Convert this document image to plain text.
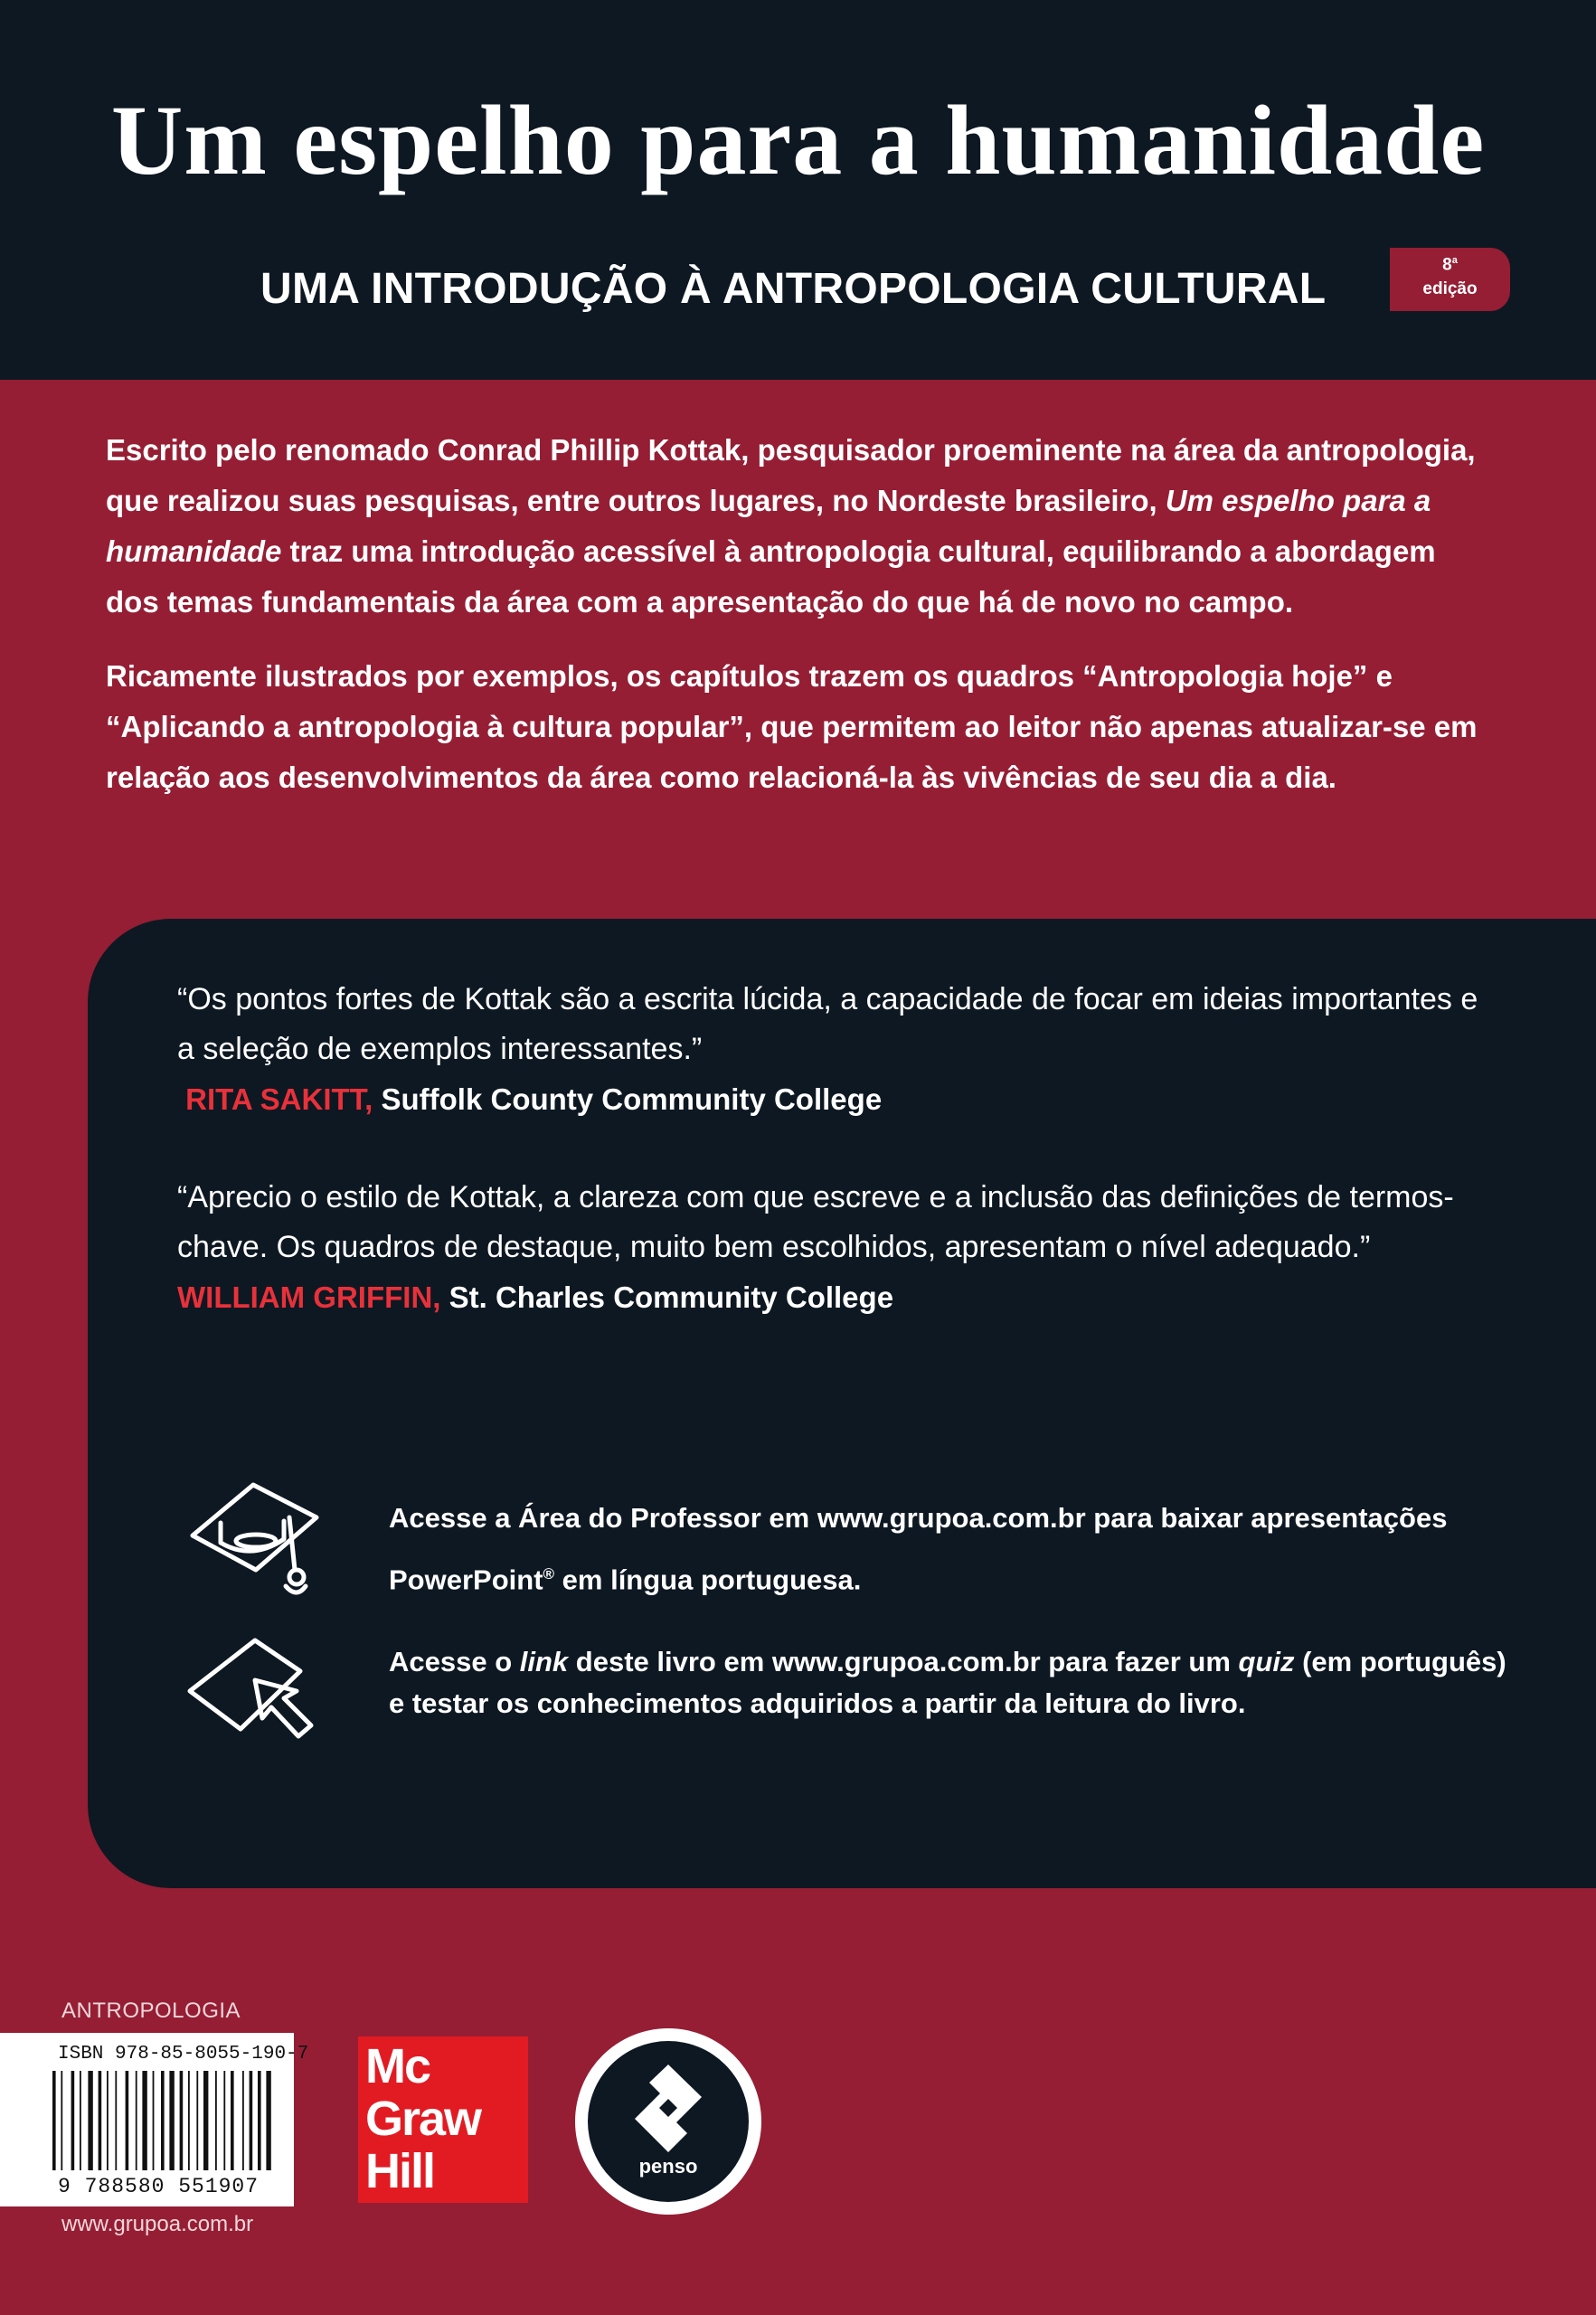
Um espelho para a humanidade
UMA INTRODUÇÃO À ANTROPOLOGIA CULTURAL
8$^a$
edição

Escrito pelo renomado Conrad Phillip Kottak, pesquisador proeminente na área da antropologia, que realizou suas pesquisas, entre outros lugares, no Nordeste brasileiro, Um espelho para a humanidade traz uma introdução acessível à antropologia cultural, equilibrando a abordagem dos temas fundamentais da área com a apresentação do que há de novo no campo.

Ricamente ilustrados por exemplos, os capítulos trazem os quadros “Antropologia hoje” e “Aplicando a antropologia à cultura popular”, que permitem ao leitor não apenas atualizar-se em relação aos desenvolvimentos da área como relacioná-la às vivências de seu dia a dia.

“Os pontos fortes de Kottak são a escrita lúcida, a capacidade de focar em ideias importantes e a seleção de exemplos interessantes.”
RITA SAKITT, Suffolk County Community College
“Aprecio o estilo de Kottak, a clareza com que escreve e a inclusão das definições de termos-chave. Os quadros de destaque, muito bem escolhidos, apresentam o nível adequado.”
WILLIAM GRIFFIN, St. Charles Community College
Acesse a Área do Professor em www.grupoa.com.br para baixar apresentações
PowerPoint® em língua portuguesa.
Acesse o link deste livro em www.grupoa.com.br para fazer um quiz (em português) e testar os conhecimentos adquiridos a partir da leitura do livro.
ANTROPOLOGIA
ISBN 978-85-8055-190-7
9 788580 551907
www.grupoa.com.br
Mc
Graw
Hill	penso
